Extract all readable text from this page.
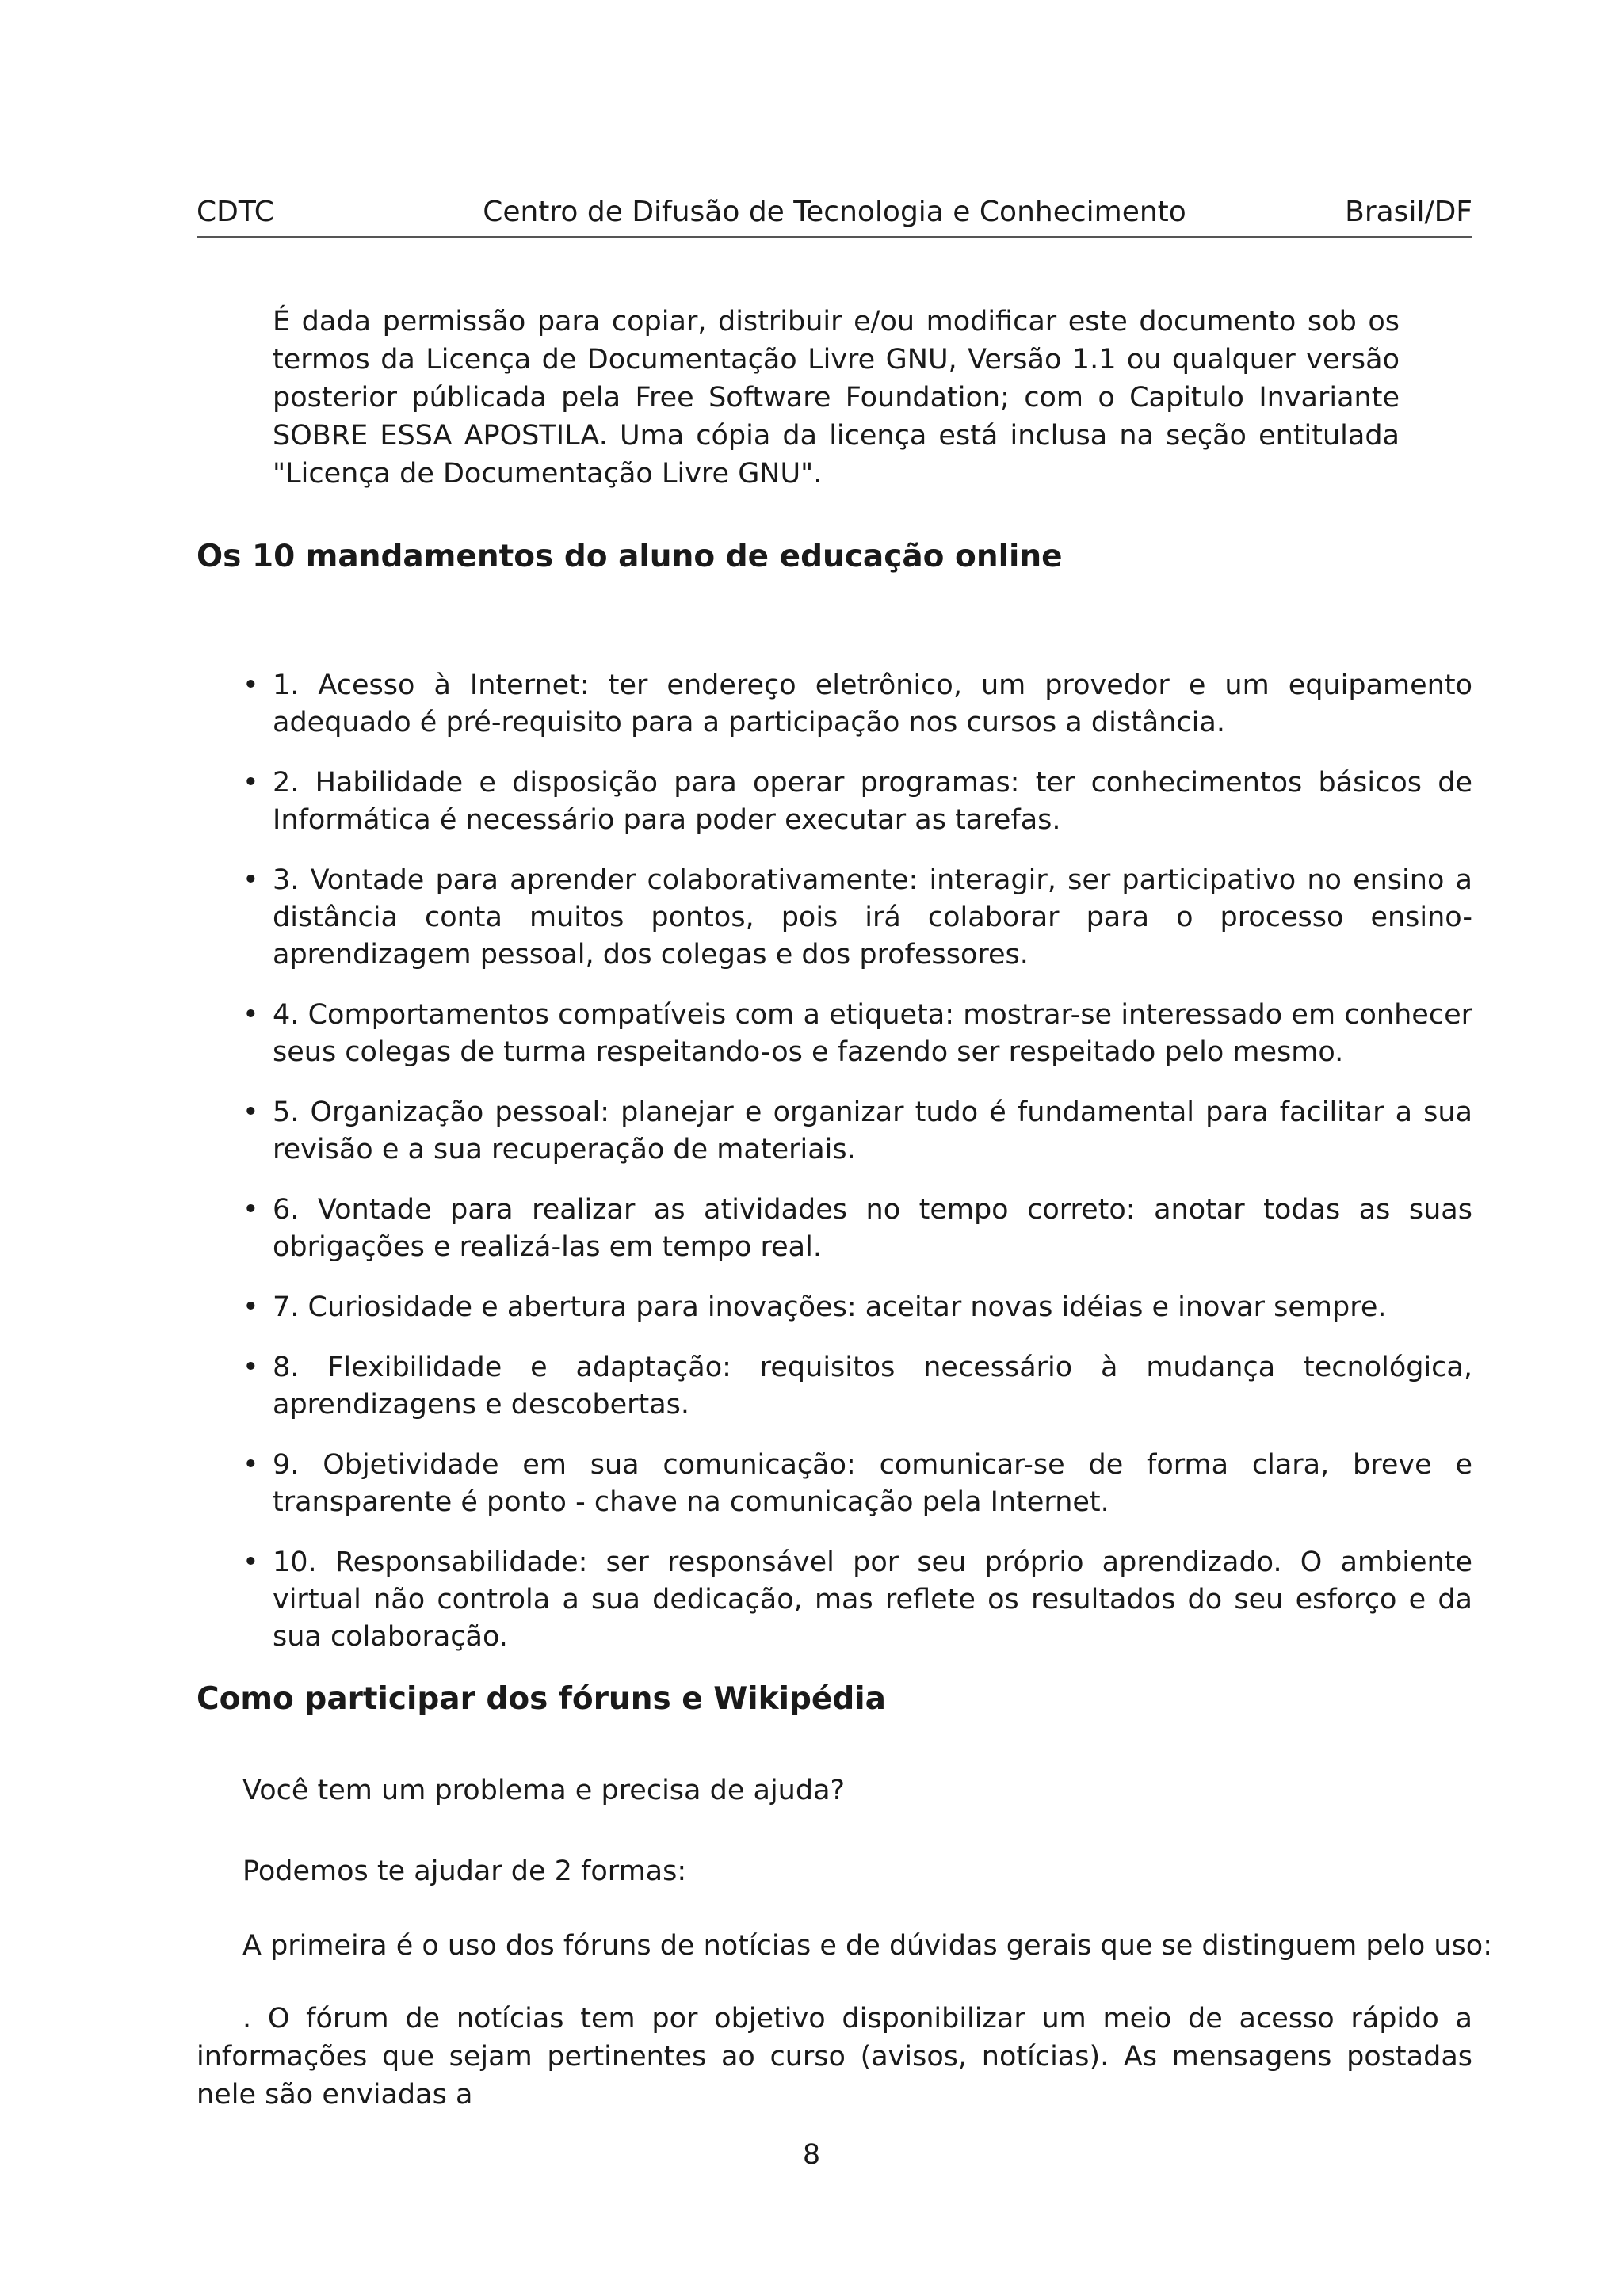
CDTC	Centro de Difusão de Tecnologia e Conhecimento	Brasil/DF
É dada permissão para copiar, distribuir e/ou modificar este documento sob os termos da Licença de Documentação Livre GNU, Versão 1.1 ou qualquer versão posterior públicada pela Free Software Foundation; com o Capitulo Invariante SOBRE ESSA APOSTILA. Uma cópia da licença está inclusa na seção entitulada "Licença de Documentação Livre GNU".
Os 10 mandamentos do aluno de educação online
• 1. Acesso à Internet: ter endereço eletrônico, um provedor e um equipamento adequado é pré-requisito para a participação nos cursos a distância.
• 2. Habilidade e disposição para operar programas: ter conhecimentos básicos de Informática é necessário para poder executar as tarefas.
• 3. Vontade para aprender colaborativamente: interagir, ser participativo no ensino a distância conta muitos pontos, pois irá colaborar para o processo ensino-aprendizagem pessoal, dos colegas e dos professores.
• 4. Comportamentos compatíveis com a etiqueta: mostrar-se interessado em conhecer seus colegas de turma respeitando-os e fazendo ser respeitado pelo mesmo.
• 5. Organização pessoal: planejar e organizar tudo é fundamental para facilitar a sua revisão e a sua recuperação de materiais.
• 6. Vontade para realizar as atividades no tempo correto: anotar todas as suas obrigações e realizá-las em tempo real.
• 7. Curiosidade e abertura para inovações: aceitar novas idéias e inovar sempre.
• 8. Flexibilidade e adaptação: requisitos necessário à mudança tecnológica, aprendizagens e descobertas.
• 9. Objetividade em sua comunicação: comunicar-se de forma clara, breve e transparente é ponto - chave na comunicação pela Internet.
• 10. Responsabilidade: ser responsável por seu próprio aprendizado. O ambiente virtual não controla a sua dedicação, mas reflete os resultados do seu esforço e da sua colaboração.
Como participar dos fóruns e Wikipédia
Você tem um problema e precisa de ajuda?
Podemos te ajudar de 2 formas:
A primeira é o uso dos fóruns de notícias e de dúvidas gerais que se distinguem pelo uso:
. O fórum de notícias tem por objetivo disponibilizar um meio de acesso rápido a informações que sejam pertinentes ao curso (avisos, notícias). As mensagens postadas nele são enviadas a
8
